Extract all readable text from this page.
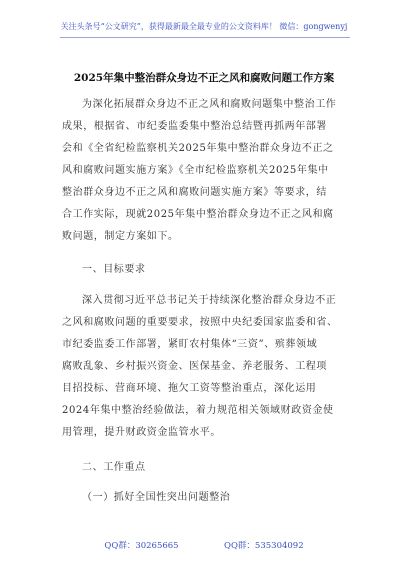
关注头条号“公文研究”，获得最新最全最专业的公文资料库！ 微信：gongwenyj
2025年集中整治群众身边不正之风和腐败问题工作方案
为深化拓展群众身边不正之风和腐败问题集中整治工作
成果，根据省、市纪委监委集中整治总结暨再抓两年部署
会和《全省纪检监察机关2025年集中整治群众身边不正之
风和腐败问题实施方案》《全市纪检监察机关2025年集中
整治群众身边不正之风和腐败问题实施方案》等要求，结
合工作实际，现就2025年集中整治群众身边不正之风和腐
败问题，制定方案如下。
一、目标要求
深入贯彻习近平总书记关于持续深化整治群众身边不正
之风和腐败问题的重要要求，按照中央纪委国家监委和省、
市纪委监委工作部署，紧盯农村集体“三资”、殡葬领域
腐败乱象、乡村振兴资金、医保基金、养老服务、工程项
目招投标、营商环境、拖欠工资等整治重点，深化运用
2024年集中整治经验做法，着力规范相关领域财政资金使
用管理，提升财政资金监管水平。
二、工作重点
（一）抓好全国性突出问题整治
QQ群：30265665	QQ群：535304092
